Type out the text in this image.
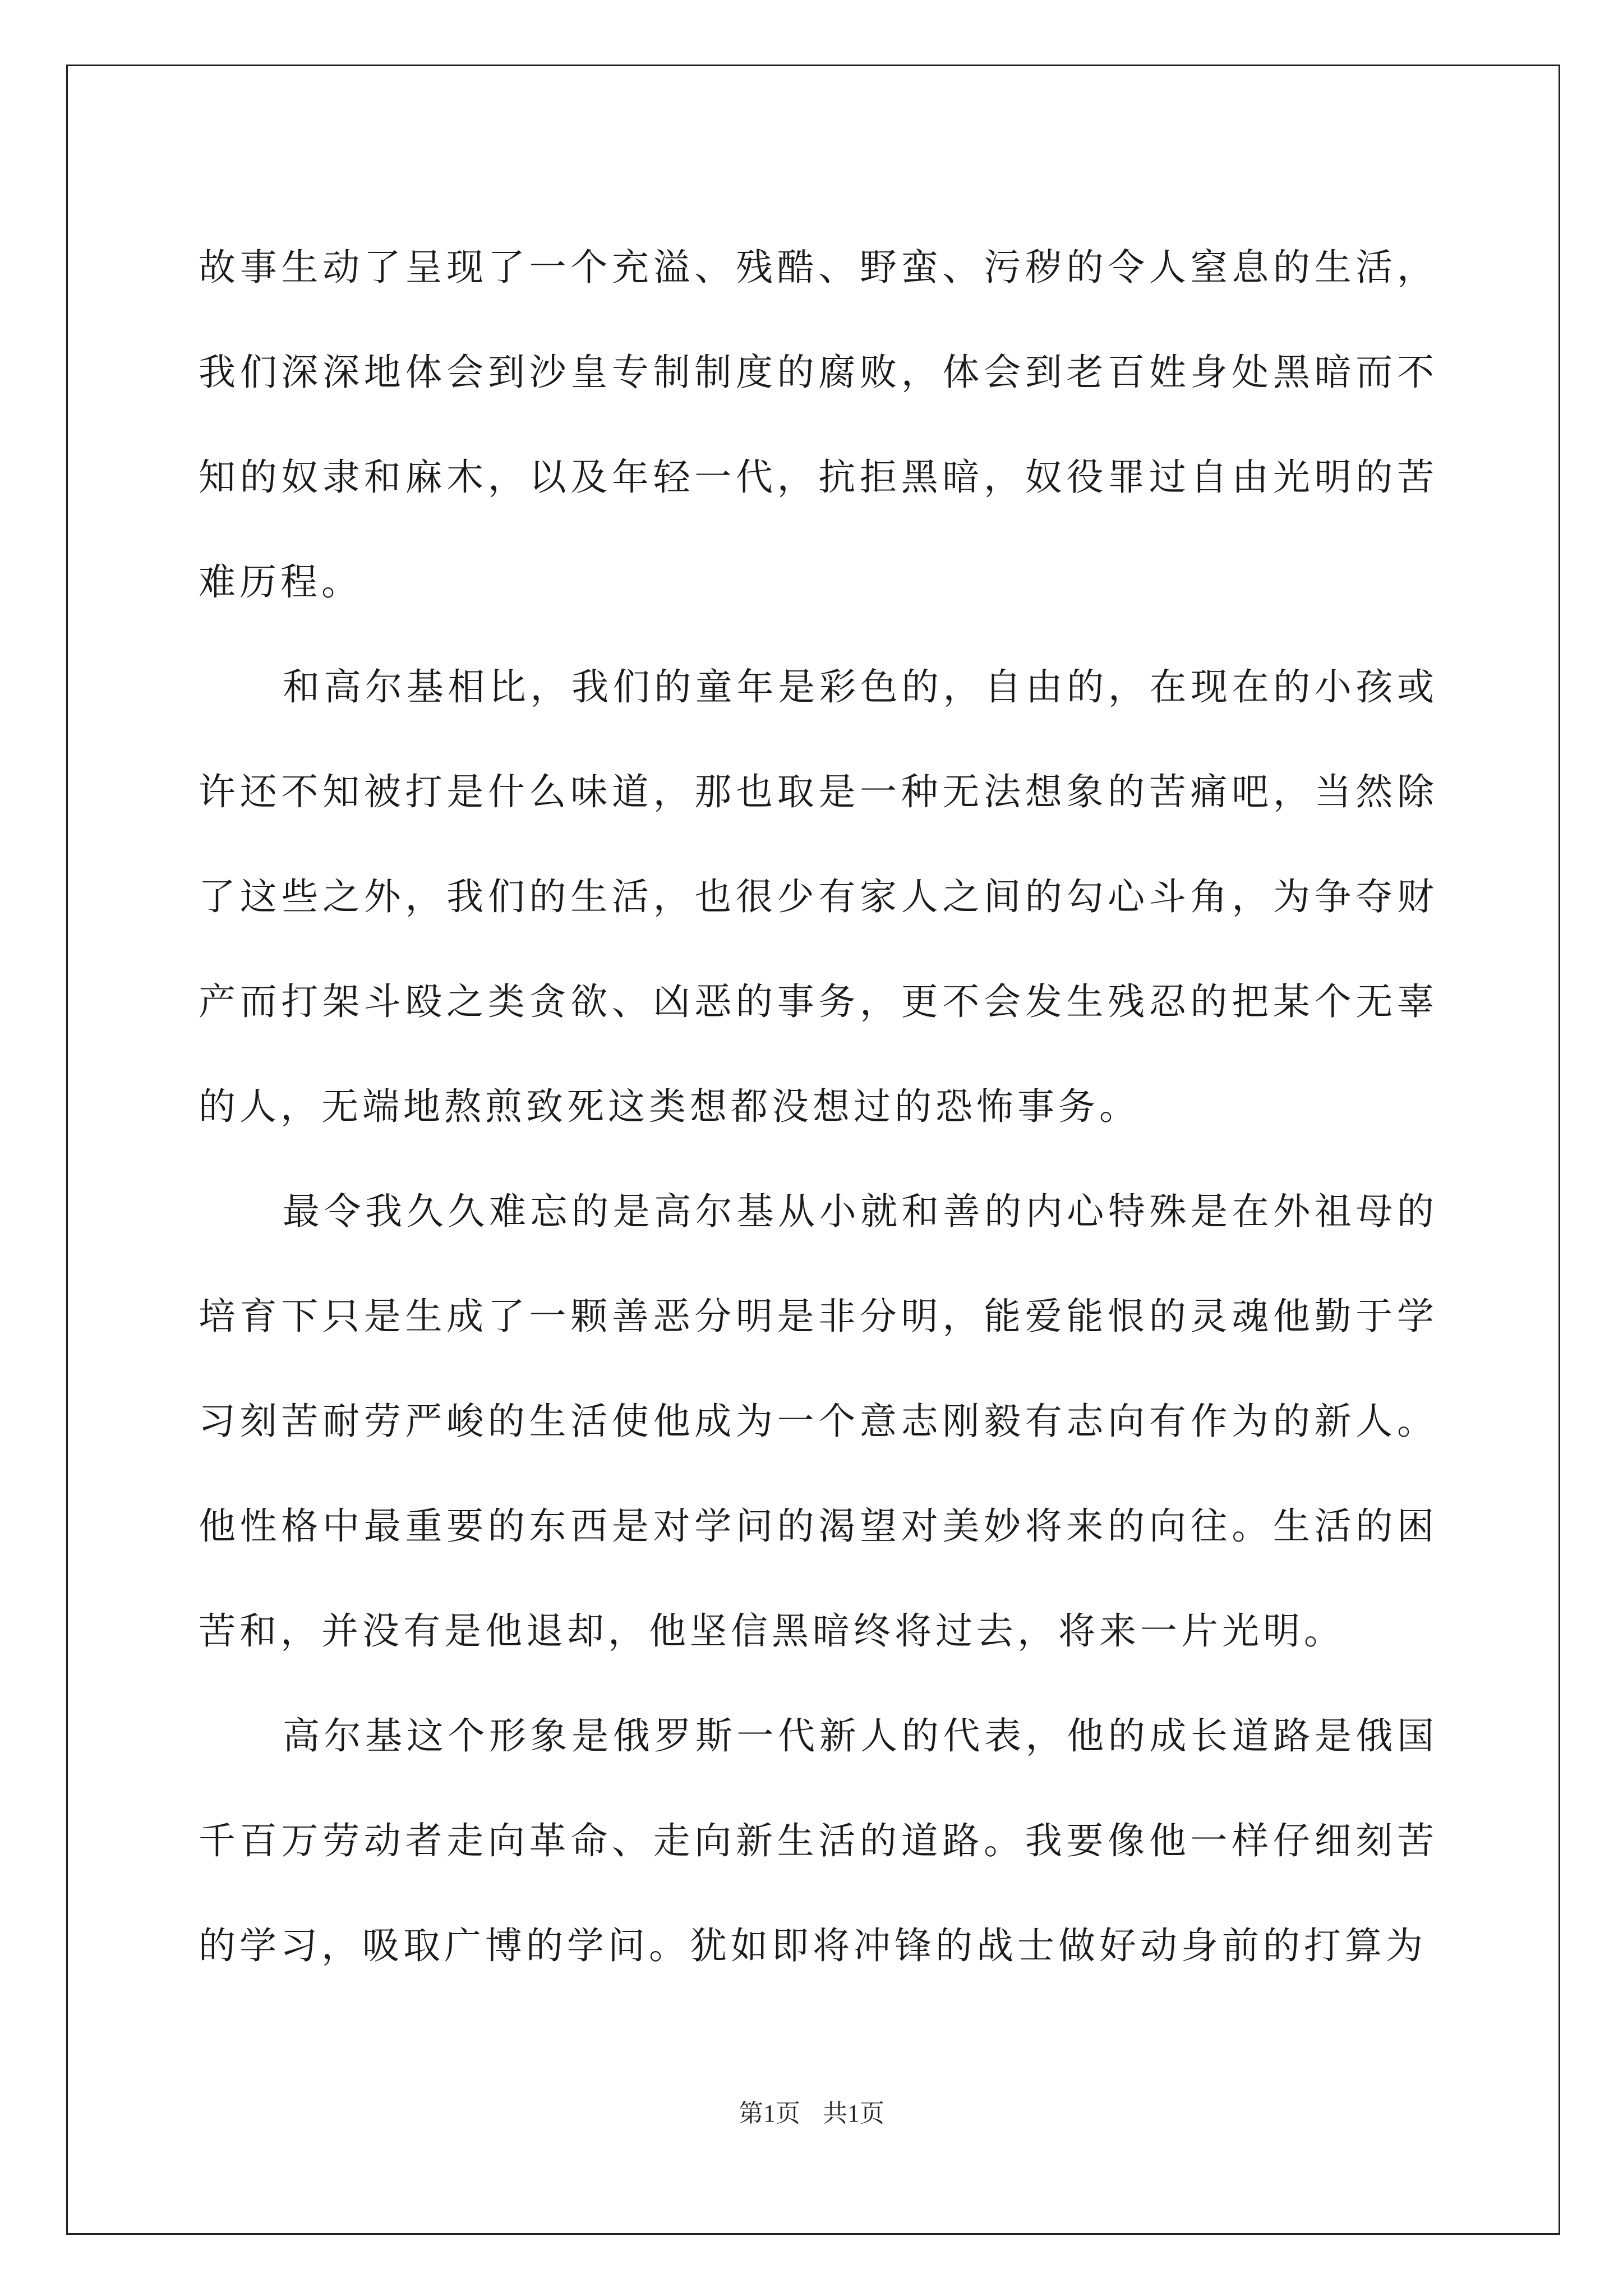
故事生动了呈现了一个充溢、残酷、野蛮、污秽的令人窒息的生活，我们深深地体会到沙皇专制制度的腐败，体会到老百姓身处黑暗而不知的奴隶和麻木，以及年轻一代，抗拒黑暗，奴役罪过自由光明的苦难历程。

和高尔基相比，我们的童年是彩色的，自由的，在现在的小孩或许还不知被打是什么味道，那也取是一种无法想象的苦痛吧，当然除了这些之外，我们的生活，也很少有家人之间的勾心斗角，为争夺财产而打架斗殴之类贪欲、凶恶的事务，更不会发生残忍的把某个无辜的人，无端地熬煎致死这类想都没想过的恐怖事务。

最令我久久难忘的是高尔基从小就和善的内心特殊是在外祖母的培育下只是生成了一颗善恶分明是非分明，能爱能恨的灵魂他勤于学习刻苦耐劳严峻的生活使他成为一个意志刚毅有志向有作为的新人。他性格中最重要的东西是对学问的渴望对美妙将来的向往。生活的困苦和，并没有是他退却，他坚信黑暗终将过去，将来一片光明。

高尔基这个形象是俄罗斯一代新人的代表，他的成长道路是俄国千百万劳动者走向革命、走向新生活的道路。我要像他一样仔细刻苦的学习，吸取广博的学问。犹如即将冲锋的战士做好动身前的打算为

第1页 共1页
